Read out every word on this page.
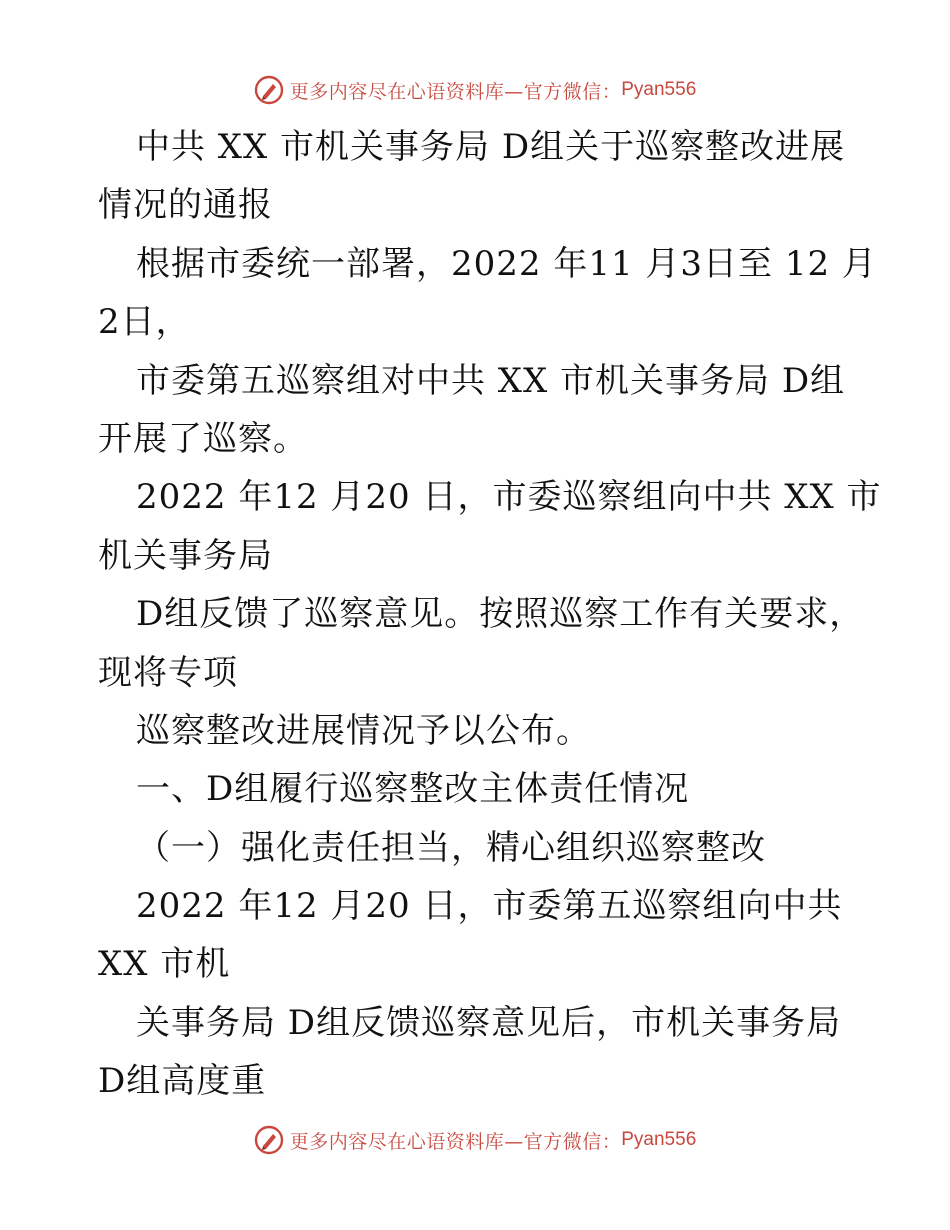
更多内容尽在心语资料库—官方微信： Pyan556
中共 XX 市机关事务局 D组关于巡察整改进展
情况的通报
根据市委统一部署，2022 年11 月3日至 12 月
2日，
市委第五巡察组对中共 XX 市机关事务局 D组
开展了巡察。
2022 年12 月20 日，市委巡察组向中共 XX 市
机关事务局
D组反馈了巡察意见。按照巡察工作有关要求，
现将专项
巡察整改进展情况予以公布。
一、D组履行巡察整改主体责任情况
（一）强化责任担当，精心组织巡察整改
2022 年12 月20 日，市委第五巡察组向中共
XX 市机
关事务局 D组反馈巡察意见后，市机关事务局
D组高度重
更多内容尽在心语资料库—官方微信： Pyan556
